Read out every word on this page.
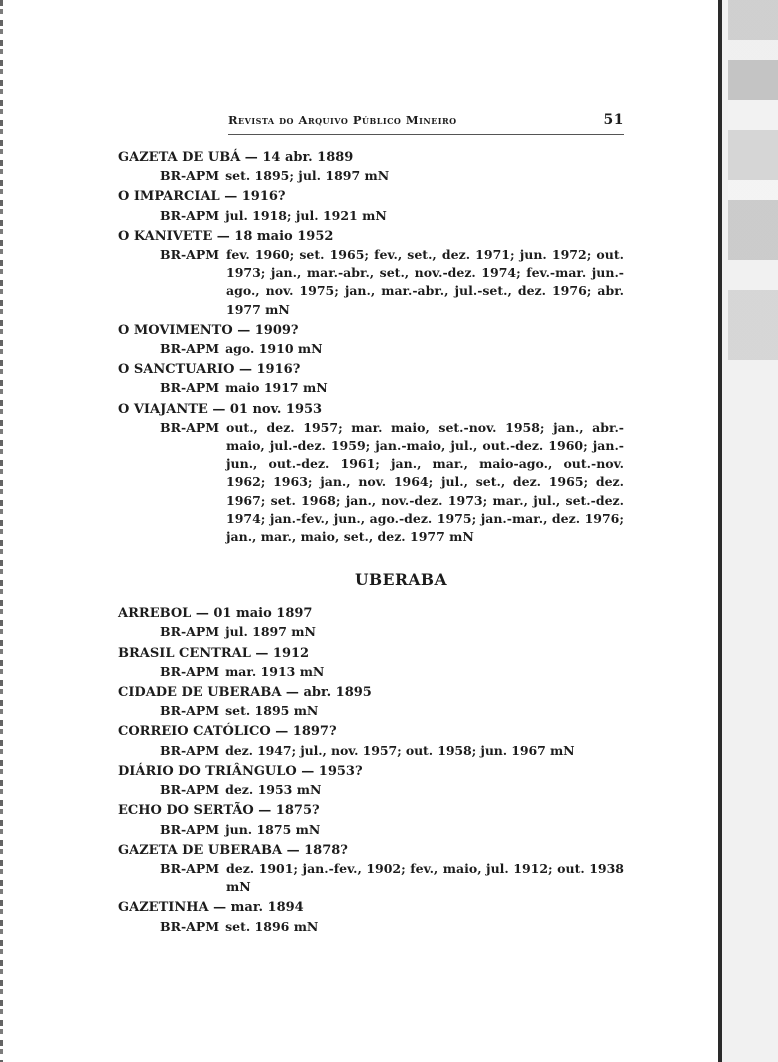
Revista do Arquivo Público Mineiro	51
GAZETA DE UBÁ — 14 abr. 1889
BR-APM set. 1895; jul. 1897 mN
O IMPARCIAL — 1916?
BR-APM jul. 1918; jul. 1921 mN
O KANIVETE — 18 maio 1952
BR-APM fev. 1960; set. 1965; fev., set., dez. 1971; jun. 1972; out. 1973; jan., mar.-abr., set., nov.-dez. 1974; fev.-mar. jun.-ago., nov. 1975; jan., mar.-abr., jul.-set., dez. 1976; abr. 1977 mN
O MOVIMENTO — 1909?
BR-APM ago. 1910 mN
O SANCTUARIO — 1916?
BR-APM maio 1917 mN
O VIAJANTE — 01 nov. 1953
BR-APM out., dez. 1957; mar. maio, set.-nov. 1958; jan., abr.-maio, jul.-dez. 1959; jan.-maio, jul., out.-dez. 1960; jan.-jun., out.-dez. 1961; jan., mar., maio-ago., out.-nov. 1962; 1963; jan., nov. 1964; jul., set., dez. 1965; dez. 1967; set. 1968; jan., nov.-dez. 1973; mar., jul., set.-dez. 1974; jan.-fev., jun., ago.-dez. 1975; jan.-mar., dez. 1976; jan., mar., maio, set., dez. 1977 mN
UBERABA
ARREBOL — 01 maio 1897
BR-APM jul. 1897 mN
BRASIL CENTRAL — 1912
BR-APM mar. 1913 mN
CIDADE DE UBERABA — abr. 1895
BR-APM set. 1895 mN
CORREIO CATÓLICO — 1897?
BR-APM dez. 1947; jul., nov. 1957; out. 1958; jun. 1967 mN
DIÁRIO DO TRIÂNGULO — 1953?
BR-APM dez. 1953 mN
ECHO DO SERTÃO — 1875?
BR-APM jun. 1875 mN
GAZETA DE UBERABA — 1878?
BR-APM dez. 1901; jan.-fev., 1902; fev., maio, jul. 1912; out. 1938 mN
GAZETINHA — mar. 1894
BR-APM set. 1896 mN
